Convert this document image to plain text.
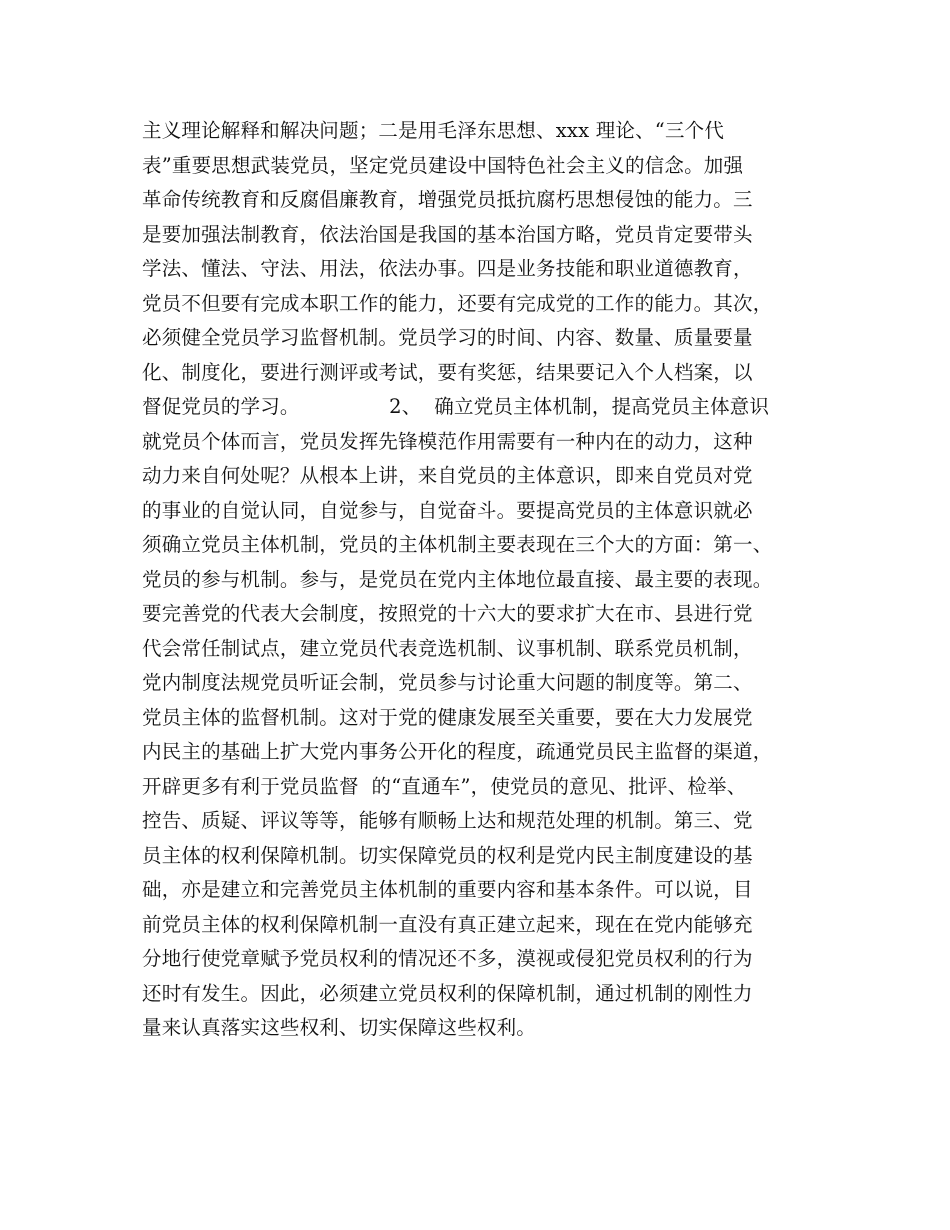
主义理论解释和解决问题；二是用毛泽东思想、xxx 理论、“三个代
表”重要思想武装党员，坚定党员建设中国特色社会主义的信念。加强
革命传统教育和反腐倡廉教育，增强党员抵抗腐朽思想侵蚀的能力。三
是要加强法制教育，依法治国是我国的基本治国方略，党员肯定要带头
学法、懂法、守法、用法，依法办事。四是业务技能和职业道德教育，
党员不但要有完成本职工作的能力，还要有完成党的工作的能力。其次，
必须健全党员学习监督机制。党员学习的时间、内容、数量、质量要量
化、制度化，要进行测评或考试，要有奖惩，结果要记入个人档案，以
督促党员的学习。              2、  确立党员主体机制，提高党员主体意识
就党员个体而言，党员发挥先锋模范作用需要有一种内在的动力，这种
动力来自何处呢？从根本上讲，来自党员的主体意识，即来自党员对党
的事业的自觉认同，自觉参与，自觉奋斗。要提高党员的主体意识就必
须确立党员主体机制，党员的主体机制主要表现在三个大的方面：第一、
党员的参与机制。参与，是党员在党内主体地位最直接、最主要的表现。
要完善党的代表大会制度，按照党的十六大的要求扩大在市、县进行党
代会常任制试点，建立党员代表竞选机制、议事机制、联系党员机制，
党内制度法规党员听证会制，党员参与讨论重大问题的制度等。第二、
党员主体的监督机制。这对于党的健康发展至关重要，要在大力发展党
内民主的基础上扩大党内事务公开化的程度，疏通党员民主监督的渠道，
开辟更多有利于党员监督  的“直通车”，使党员的意见、批评、检举、
控告、质疑、评议等等，能够有顺畅上达和规范处理的机制。第三、党
员主体的权利保障机制。切实保障党员的权利是党内民主制度建设的基
础，亦是建立和完善党员主体机制的重要内容和基本条件。可以说，目
前党员主体的权利保障机制一直没有真正建立起来，现在在党内能够充
分地行使党章赋予党员权利的情况还不多，漠视或侵犯党员权利的行为
还时有发生。因此，必须建立党员权利的保障机制，通过机制的刚性力
量来认真落实这些权利、切实保障这些权利。
